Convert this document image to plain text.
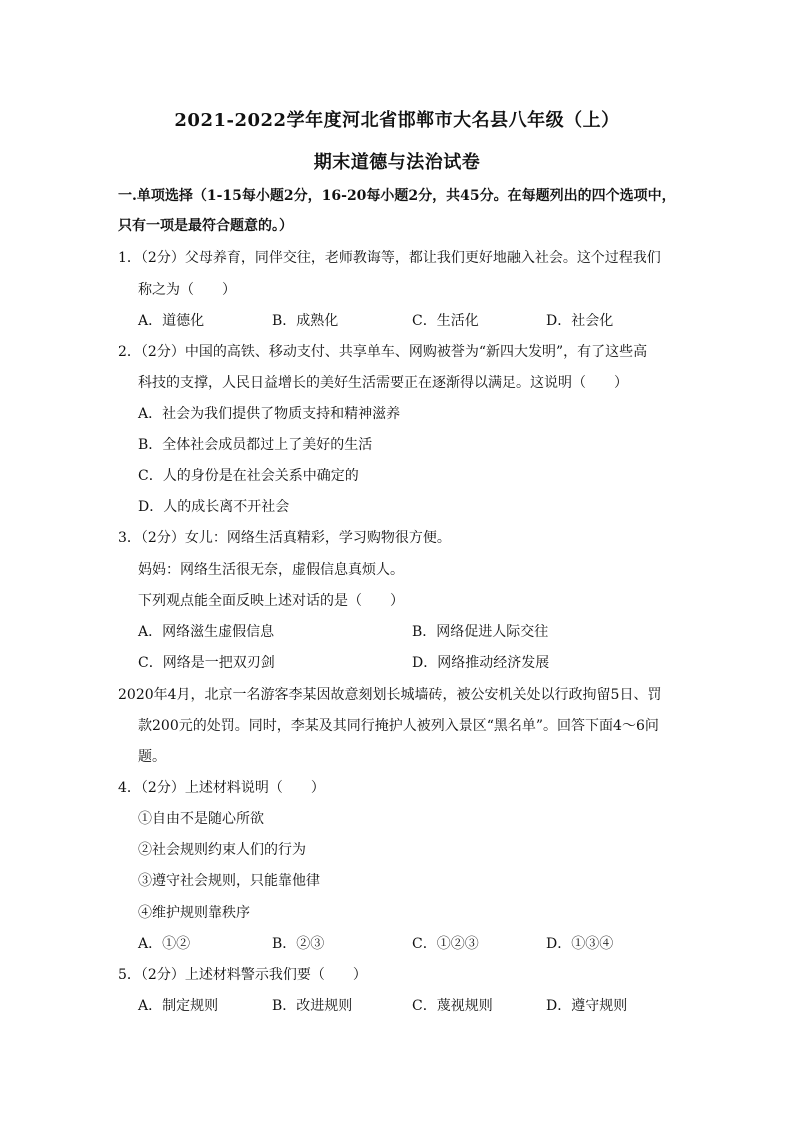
2021-2022学年度河北省邯郸市大名县八年级（上）
期末道德与法治试卷
一.单项选择（1-15每小题2分，16-20每小题2分，共45分。在每题列出的四个选项中，
只有一项是最符合题意的。）
1．（2分）父母养育，同伴交往，老师教诲等，都让我们更好地融入社会。这个过程我们
称之为（　　）
A．道德化	B．成熟化	C．生活化	D．社会化
2．（2分）中国的高铁、移动支付、共享单车、网购被誉为“新四大发明”，有了这些高
科技的支撑，人民日益增长的美好生活需要正在逐渐得以满足。这说明（　　）
A．社会为我们提供了物质支持和精神滋养
B．全体社会成员都过上了美好的生活
C．人的身份是在社会关系中确定的
D．人的成长离不开社会
3．（2分）女儿：网络生活真精彩，学习购物很方便。
妈妈：网络生活很无奈，虚假信息真烦人。
下列观点能全面反映上述对话的是（　　）
A．网络滋生虚假信息	B．网络促进人际交往
C．网络是一把双刃剑	D．网络推动经济发展
2020年4月，北京一名游客李某因故意刻划长城墙砖，被公安机关处以行政拘留5日、罚
款200元的处罚。同时，李某及其同行掩护人被列入景区“黑名单”。回答下面4～6问
题。
4．（2分）上述材料说明（　　）
①自由不是随心所欲
②社会规则约束人们的行为
③遵守社会规则，只能靠他律
④维护规则靠秩序
A．①②	B．②③	C．①②③	D．①③④
5．（2分）上述材料警示我们要（　　）
A．制定规则	B．改进规则	C．蔑视规则	D．遵守规则
